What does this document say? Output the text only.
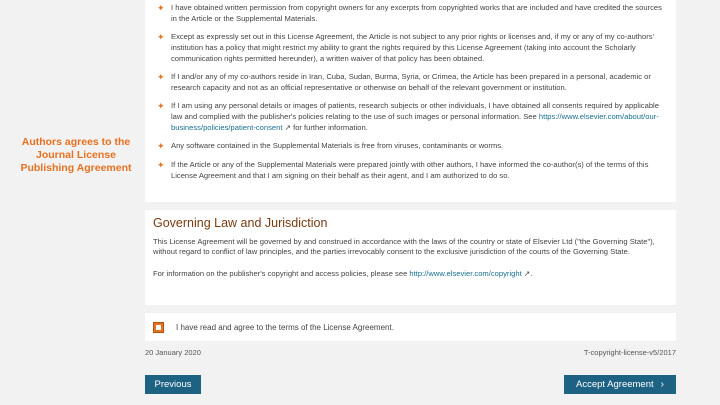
Authors agrees to the Journal License Publishing Agreement
✦ I have obtained written permission from copyright owners for any excerpts from copyrighted works that are included and have credited the sources in the Article or the Supplemental Materials.
✦ Except as expressly set out in this License Agreement, the Article is not subject to any prior rights or licenses and, if my or any of my co-authors' institution has a policy that might restrict my ability to grant the rights required by this License Agreement (taking into account the Scholarly communication rights permitted hereunder), a written waiver of that policy has been obtained.
✦ If I and/or any of my co-authors reside in Iran, Cuba, Sudan, Burma, Syria, or Crimea, the Article has been prepared in a personal, academic or research capacity and not as an official representative or otherwise on behalf of the relevant government or institution.
✦ If I am using any personal details or images of patients, research subjects or other individuals, I have obtained all consents required by applicable law and complied with the publisher's policies relating to the use of such images or personal information. See https://www.elsevier.com/about/our-business/policies/patient-consent ↗ for further information.
✦ Any software contained in the Supplemental Materials is free from viruses, contaminants or worms.
✦ If the Article or any of the Supplemental Materials were prepared jointly with other authors, I have informed the co-author(s) of the terms of this License Agreement and that I am signing on their behalf as their agent, and I am authorized to do so.
Governing Law and Jurisdiction

This License Agreement will be governed by and construed in accordance with the laws of the country or state of Elsevier Ltd ("the Governing State"), without regard to conflict of law principles, and the parties irrevocably consent to the exclusive jurisdiction of the courts of the Governing State.

For information on the publisher's copyright and access policies, please see http://www.elsevier.com/copyright ↗.

I have read and agree to the terms of the License Agreement.
20 January 2020	T-copyright-license-v5/2017
Previous	Accept Agreement ›
